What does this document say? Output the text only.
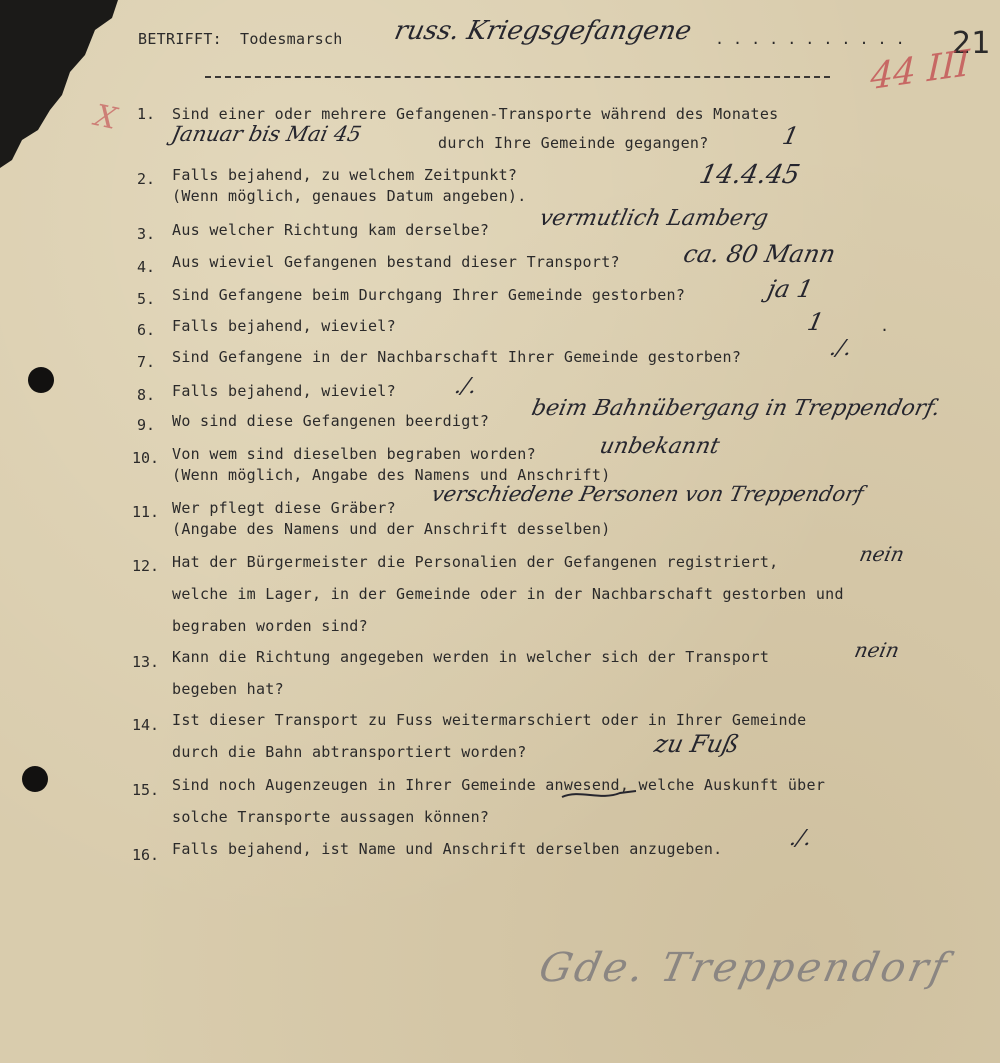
BETRIFFT: Todesmarsch russ. Kriegsgefangene . . . . . . . . . . . 21
44 III
X 1. Sind einer oder mehrere Gefangenen-Transporte während des Monates
Januar bis Mai 45	durch Ihre Gemeinde gegangen?	1
2. Falls bejahend, zu welchem Zeitpunkt?
(Wenn möglich, genaues Datum angeben).
14.4.45
3. Aus welcher Richtung kam derselbe? vermutlich Lamberg
4. Aus wieviel Gefangenen bestand dieser Transport?	ca. 80 Mann
5. Sind Gefangene beim Durchgang Ihrer Gemeinde gestorben?	ja 1
6. Falls bejahend, wieviel?	1	.
7. Sind Gefangene in der Nachbarschaft Ihrer Gemeinde gestorben?	./.
8. Falls bejahend, wieviel?	./.
9. Wo sind diese Gefangenen beerdigt? beim Bahnübergang in Treppendorf.
10. Von wem sind dieselben begraben worden?
(Wenn möglich, Angabe des Namens und Anschrift)
unbekannt
11. Wer pflegt diese Gräber?
(Angabe des Namens und der Anschrift desselben)
verschiedene Personen von Treppendorf
12. Hat der Bürgermeister die Personalien der Gefangenen registriert,
welche im Lager, in der Gemeinde oder in der Nachbarschaft gestorben und
begraben worden sind?
nein
13. Kann die Richtung angegeben werden in welcher sich der Transport
begeben hat?
nein
14. Ist dieser Transport zu Fuss weitermarschiert oder in Ihrer Gemeinde
durch die Bahn abtransportiert worden?	zu Fuß
15. Sind noch Augenzeugen in Ihrer Gemeinde anwesend, welche Auskunft über
solche Transporte aussagen können?
16. Falls bejahend, ist Name und Anschrift derselben anzugeben.	./.
Gde. Treppendorf
